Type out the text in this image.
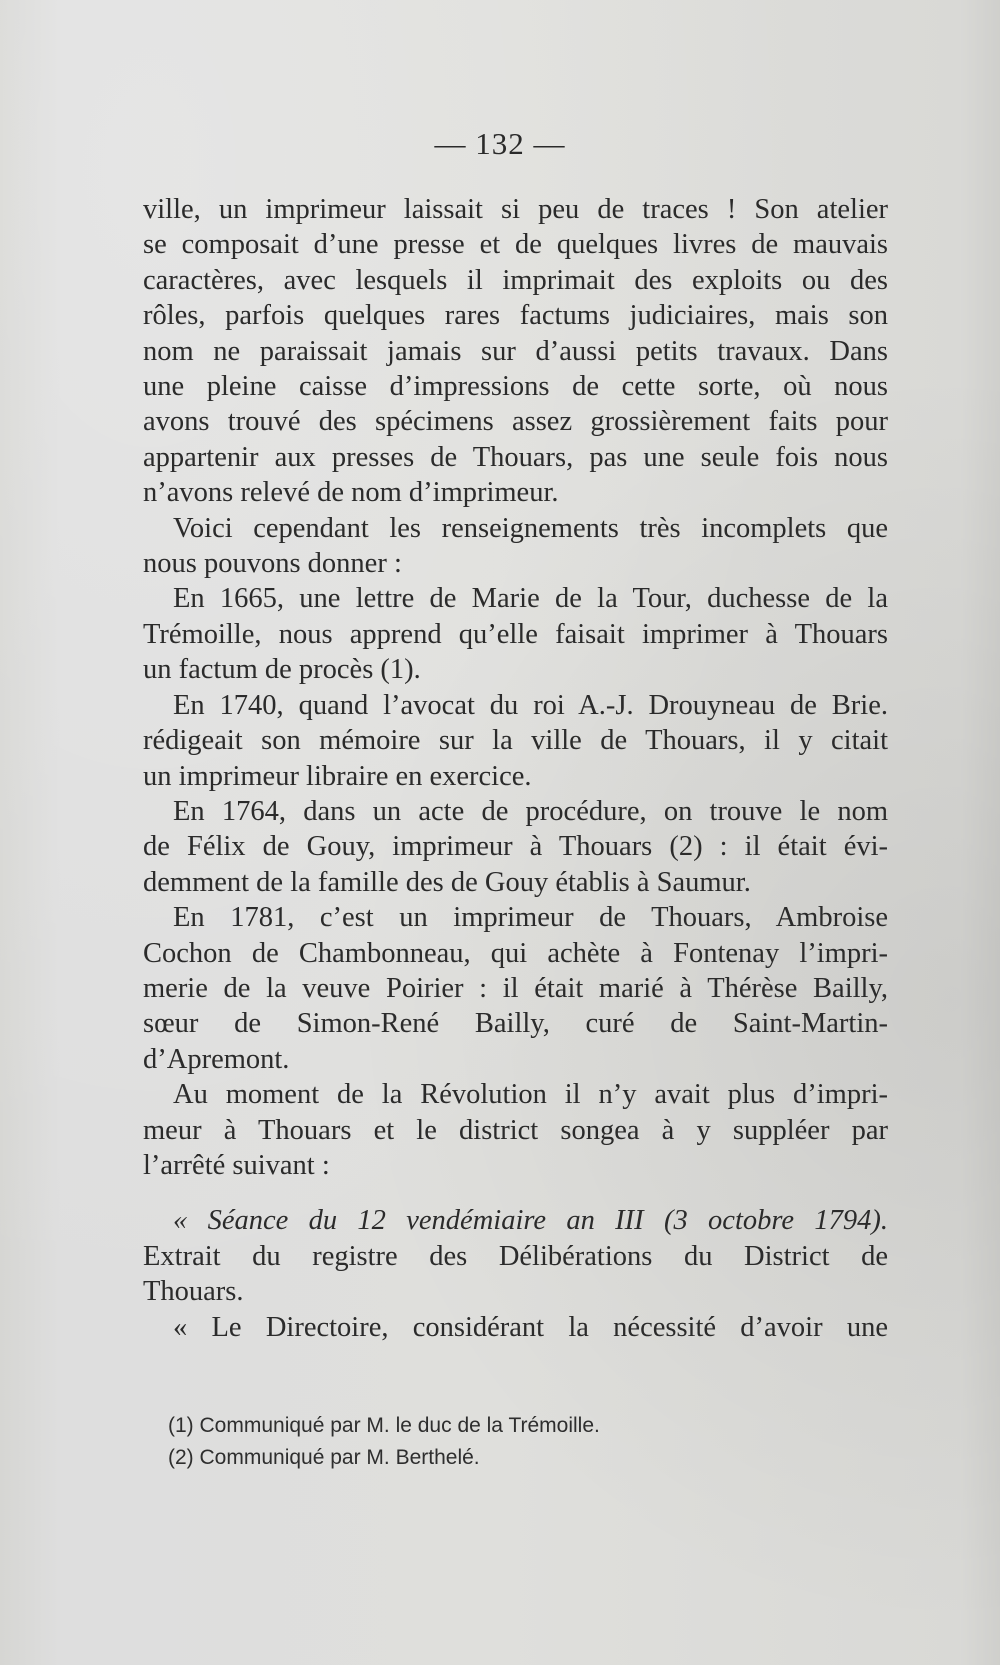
— 132 —
ville, un imprimeur laissait si peu de traces ! Son atelier
se composait d’une presse et de quelques livres de mauvais
caractères, avec lesquels il imprimait des exploits ou des
rôles, parfois quelques rares factums judiciaires, mais son
nom ne paraissait jamais sur d’aussi petits travaux. Dans
une pleine caisse d’impressions de cette sorte, où nous
avons trouvé des spécimens assez grossièrement faits pour
appartenir aux presses de Thouars, pas une seule fois nous
n’avons relevé de nom d’imprimeur.
Voici cependant les renseignements très incomplets que
nous pouvons donner :
En 1665, une lettre de Marie de la Tour, duchesse de la
Trémoille, nous apprend qu’elle faisait imprimer à Thouars
un factum de procès (1).
En 1740, quand l’avocat du roi A.-J. Drouyneau de Brie.
rédigeait son mémoire sur la ville de Thouars, il y citait
un imprimeur libraire en exercice.
En 1764, dans un acte de procédure, on trouve le nom
de Félix de Gouy, imprimeur à Thouars (2) : il était évi-
demment de la famille des de Gouy établis à Saumur.
En 1781, c’est un imprimeur de Thouars, Ambroise
Cochon de Chambonneau, qui achète à Fontenay l’impri-
merie de la veuve Poirier : il était marié à Thérèse Bailly,
sœur de Simon-René Bailly, curé de Saint-Martin-
d’Apremont.
Au moment de la Révolution il n’y avait plus d’impri-
meur à Thouars et le district songea à y suppléer par
l’arrêté suivant :
« Séance du 12 vendémiaire an III (3 octobre 1794).
Extrait du registre des Délibérations du District de
Thouars.
« Le Directoire, considérant la nécessité d’avoir une
(1) Communiqué par M. le duc de la Trémoille.
(2) Communiqué par M. Berthelé.
